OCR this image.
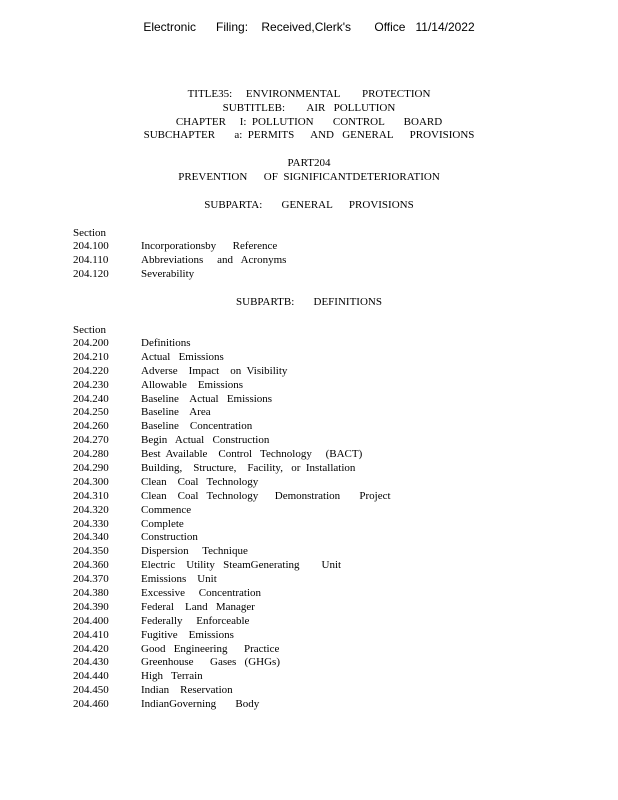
Electronic      Filing:    Received,Clerk's       Office   11/14/2022
TITLE35:     ENVIRONMENTAL        PROTECTION
SUBTITLEB:        AIR   POLLUTION
CHAPTER     I:  POLLUTION       CONTROL       BOARD
SUBCHAPTER       a:  PERMITS      AND   GENERAL      PROVISIONS
PART204
PREVENTION      OF  SIGNIFICANTDETERIORATION
SUBPARTA:       GENERAL      PROVISIONS
Section
204.100	Incorporationsby      Reference
204.110	Abbreviations     and   Acronyms
204.120	Severability
SUBPARTB:       DEFINITIONS
Section
204.200	Definitions
204.210	Actual   Emissions
204.220	Adverse    Impact    on  Visibility
204.230	Allowable    Emissions
204.240	Baseline    Actual   Emissions
204.250	Baseline    Area
204.260	Baseline    Concentration
204.270	Begin   Actual   Construction
204.280	Best  Available    Control   Technology     (BACT)
204.290	Building,    Structure,    Facility,   or  Installation
204.300	Clean    Coal   Technology
204.310	Clean    Coal   Technology      Demonstration       Project
204.320	Commence
204.330	Complete
204.340	Construction
204.350	Dispersion     Technique
204.360	Electric    Utility   SteamGenerating        Unit
204.370	Emissions    Unit
204.380	Excessive     Concentration
204.390	Federal    Land   Manager
204.400	Federally     Enforceable
204.410	Fugitive    Emissions
204.420	Good   Engineering      Practice
204.430	Greenhouse      Gases   (GHGs)
204.440	High   Terrain
204.450	Indian    Reservation
204.460	IndianGoverning       Body
